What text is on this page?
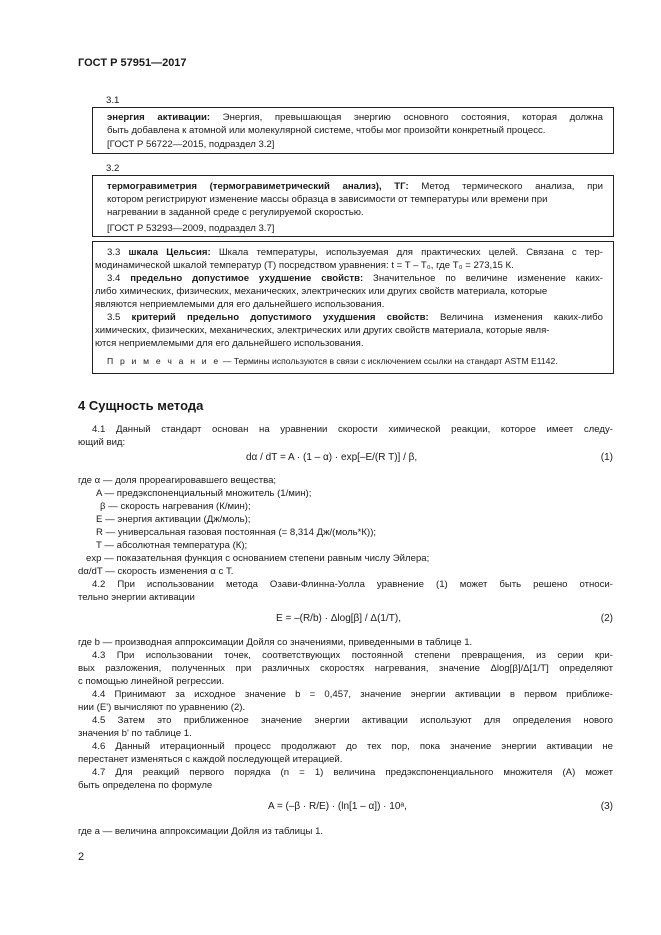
ГОСТ Р 57951—2017
3.1
энергия активации: Энергия, превышающая энергию основного состояния, которая должна
быть добавлена к атомной или молекулярной системе, чтобы мог произойти конкретный процесс.
[ГОСТ Р 56722—2015, подраздел 3.2]
3.2
термогравиметрия (термогравиметрический анализ), ТГ: Метод термического анализа, при
котором регистрируют изменение массы образца в зависимости от температуры или времени при
нагревании в заданной среде с регулируемой скоростью.
[ГОСТ Р 53293—2009, подраздел 3.7]
3.3 шкала Цельсия: Шкала температуры, используемая для практических целей. Связана с тер-
модинамической шкалой температур (T) посредством уравнения: t = T – T₀, где T₀ = 273,15 К.
3.4 предельно допустимое ухудшение свойств: Значительное по величине изменение каких-
либо химических, физических, механических, электрических или других свойств материала, которые
являются неприемлемыми для его дальнейшего использования.
3.5 критерий предельно допустимого ухудшения свойств: Величина изменения каких-либо
химических, физических, механических, электрических или других свойств материала, которые явля-
ются неприемлемыми для его дальнейшего использования.
П р и м е ч а н и е — Термины используются в связи с исключением ссылки на стандарт ASTM E1142.
4 Сущность метода
4.1 Данный стандарт основан на уравнении скорости химической реакции, которое имеет следу-
ющий вид:
dα / dT = A · (1 – α) · exp[–E/(R T)] / β,	(1)
где α — доля прореагировавшего вещества;
A — предэкспоненциальный множитель (1/мин);
β — скорость нагревания (К/мин);
E — энергия активации (Дж/моль);
R — универсальная газовая постоянная (= 8,314 Дж/(моль*К));
T — абсолютная температура (К);
exp — показательная функция с основанием степени равным числу Эйлера;
dα/dT — скорость изменения α с T.
4.2 При использовании метода Озави-Флинна-Уолла уравнение (1) может быть решено относи-
тельно энергии активации
E = –(R/b) · Δlog[β] / Δ(1/T),	(2)
где b — производная аппроксимации Дойля со значениями, приведенными в таблице 1.
4.3 При использовании точек, соответствующих постоянной степени превращения, из серии кри-
вых разложения, полученных при различных скоростях нагревания, значение Δlog[β]/Δ[1/T] определяют
с помощью линейной регрессии.
4.4 Принимают за исходное значение b = 0,457, значение энергии активации в первом приближе-
нии (E') вычисляют по уравнению (2).
4.5 Затем это приближенное значение энергии активации используют для определения нового
значения b' по таблице 1.
4.6 Данный итерационный процесс продолжают до тех пор, пока значение энергии активации не
перестанет изменяться с каждой последующей итерацией.
4.7 Для реакций первого порядка (n = 1) величина предэкспоненциального множителя (A) может
быть определена по формуле
A = (–β · R/E) · (ln[1 – α]) · 10ᵃ,	(3)
где a — величина аппроксимации Дойля из таблицы 1.
2
